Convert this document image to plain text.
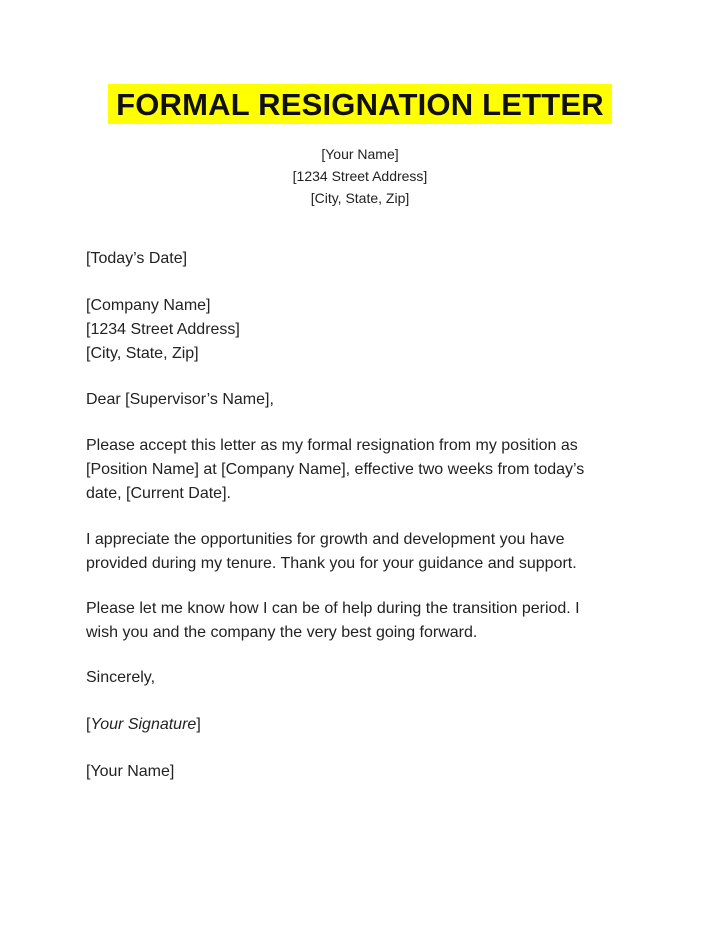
FORMAL RESIGNATION LETTER
[Your Name]
[1234 Street Address]
[City, State, Zip]
[Today’s Date]
[Company Name]
[1234 Street Address]
[City, State, Zip]
Dear [Supervisor’s Name],
Please accept this letter as my formal resignation from my position as
[Position Name] at [Company Name], effective two weeks from today’s
date, [Current Date].
I appreciate the opportunities for growth and development you have
provided during my tenure. Thank you for your guidance and support.
Please let me know how I can be of help during the transition period. I
wish you and the company the very best going forward.
Sincerely,
[Your Signature]
[Your Name]
